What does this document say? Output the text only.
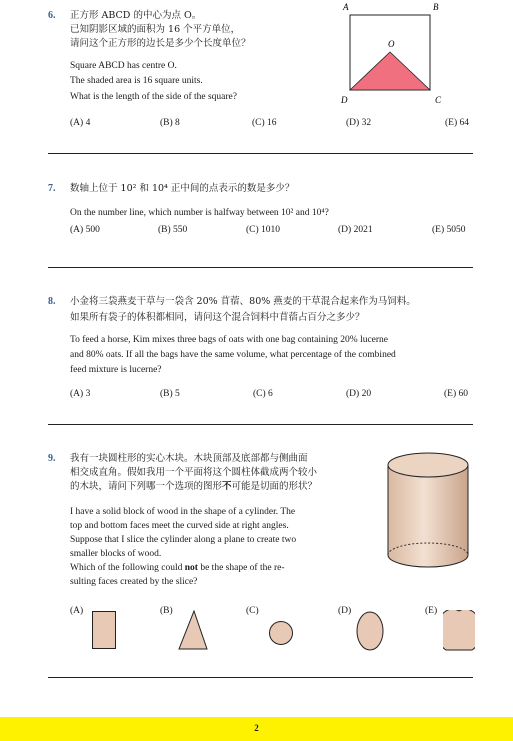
6. 正方形 ABCD 的中心为点 O。
已知阴影区域的面积为 16 个平方单位，
请问这个正方形的边长是多少个长度单位？
Square ABCD has centre O.
The shaded area is 16 square units.
What is the length of the side of the square?
A	B
O
D	C
(A) 4	(B) 8	(C) 16	(D) 32	(E) 64
7. 数轴上位于 10² 和 10⁴ 正中间的点表示的数是多少？
On the number line, which number is halfway between 10² and 10⁴?
(A) 500	(B) 550	(C) 1010	(D) 2021	(E) 5050
8. 小金将三袋燕麦干草与一袋含 20% 苜蓿、80% 燕麦的干草混合起来作为马饲料。
如果所有袋子的体积都相同，请问这个混合饲料中苜蓿占百分之多少？
To feed a horse, Kim mixes three bags of oats with one bag containing 20% lucerne
and 80% oats. If all the bags have the same volume, what percentage of the combined
feed mixture is lucerne?
(A) 3	(B) 5	(C) 6	(D) 20	(E) 60
9. 我有一块圆柱形的实心木块。木块顶部及底部都与侧曲面
相交成直角。假如我用一个平面将这个圆柱体截成两个较小
的木块，请问下列哪一个选项的图形不可能是切面的形状？
I have a solid block of wood in the shape of a cylinder. The
top and bottom faces meet the curved side at right angles.
Suppose that I slice the cylinder along a plane to create two
smaller blocks of wood.
Which of the following could not be the shape of the re-
sulting faces created by the slice?
(A)	(B)	(C)	(D)	(E)
2
